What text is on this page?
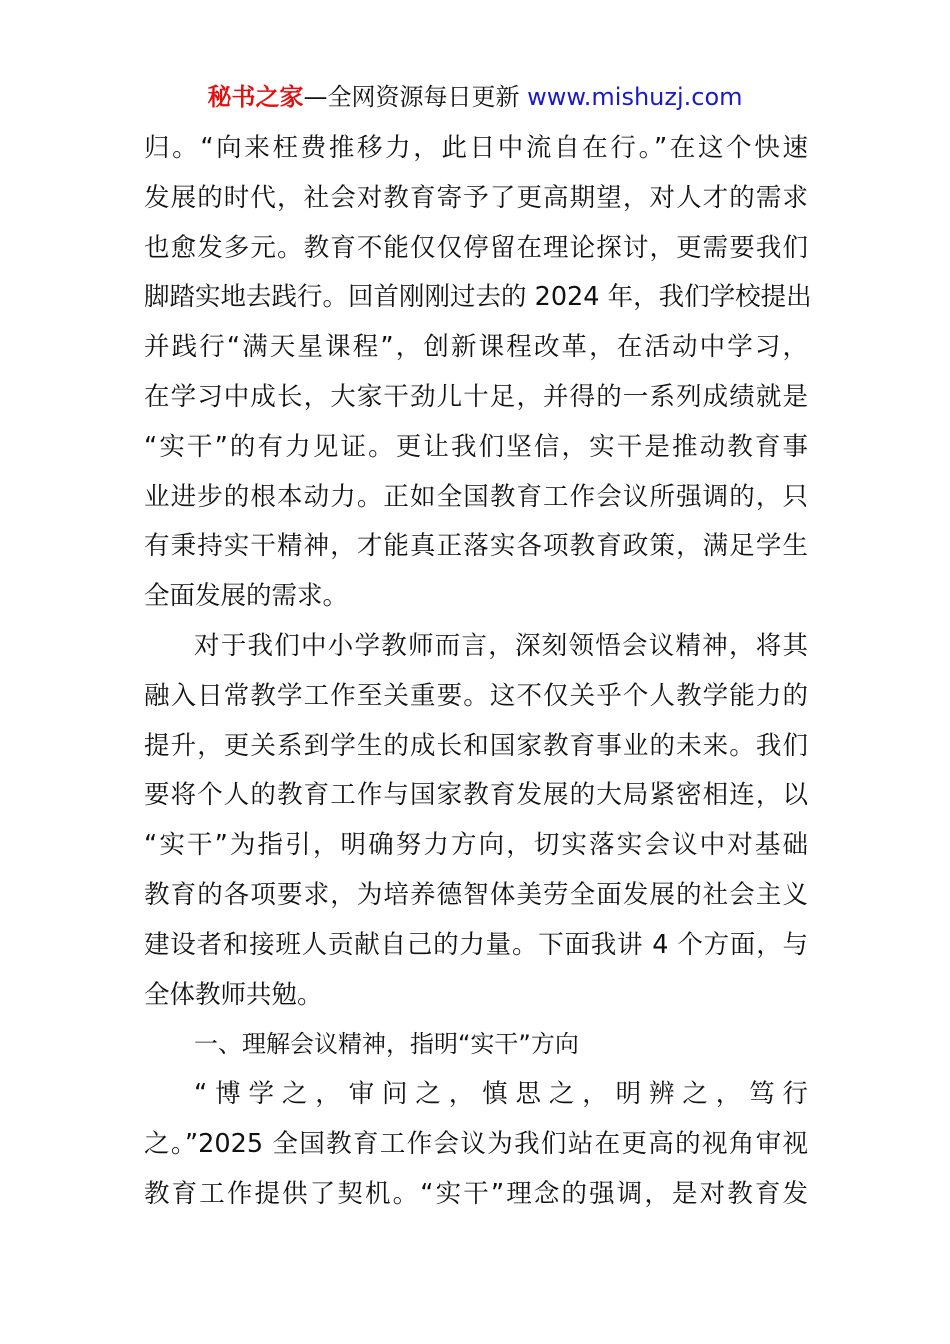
秘书之家—全网资源每日更新 www.mishuzj.com
归。“向来枉费推移力，此日中流自在行。”在这个快速
发展的时代，社会对教育寄予了更高期望，对人才的需求
也愈发多元。教育不能仅仅停留在理论探讨，更需要我们
脚踏实地去践行。回首刚刚过去的 2024 年，我们学校提出
并践行“满天星课程”，创新课程改革，在活动中学习，
在学习中成长，大家干劲儿十足，并得的一系列成绩就是
“实干”的有力见证。更让我们坚信，实干是推动教育事
业进步的根本动力。正如全国教育工作会议所强调的，只
有秉持实干精神，才能真正落实各项教育政策，满足学生
全面发展的需求。
对于我们中小学教师而言，深刻领悟会议精神，将其
融入日常教学工作至关重要。这不仅关乎个人教学能力的
提升，更关系到学生的成长和国家教育事业的未来。我们
要将个人的教育工作与国家教育发展的大局紧密相连，以
“实干”为指引，明确努力方向，切实落实会议中对基础
教育的各项要求，为培养德智体美劳全面发展的社会主义
建设者和接班人贡献自己的力量。下面我讲 4 个方面，与
全体教师共勉。
一、理解会议精神，指明“实干”方向
“博学之，审问之，慎思之，明辨之，笃行
之。”2025 全国教育工作会议为我们站在更高的视角审视
教育工作提供了契机。“实干”理念的强调，是对教育发
